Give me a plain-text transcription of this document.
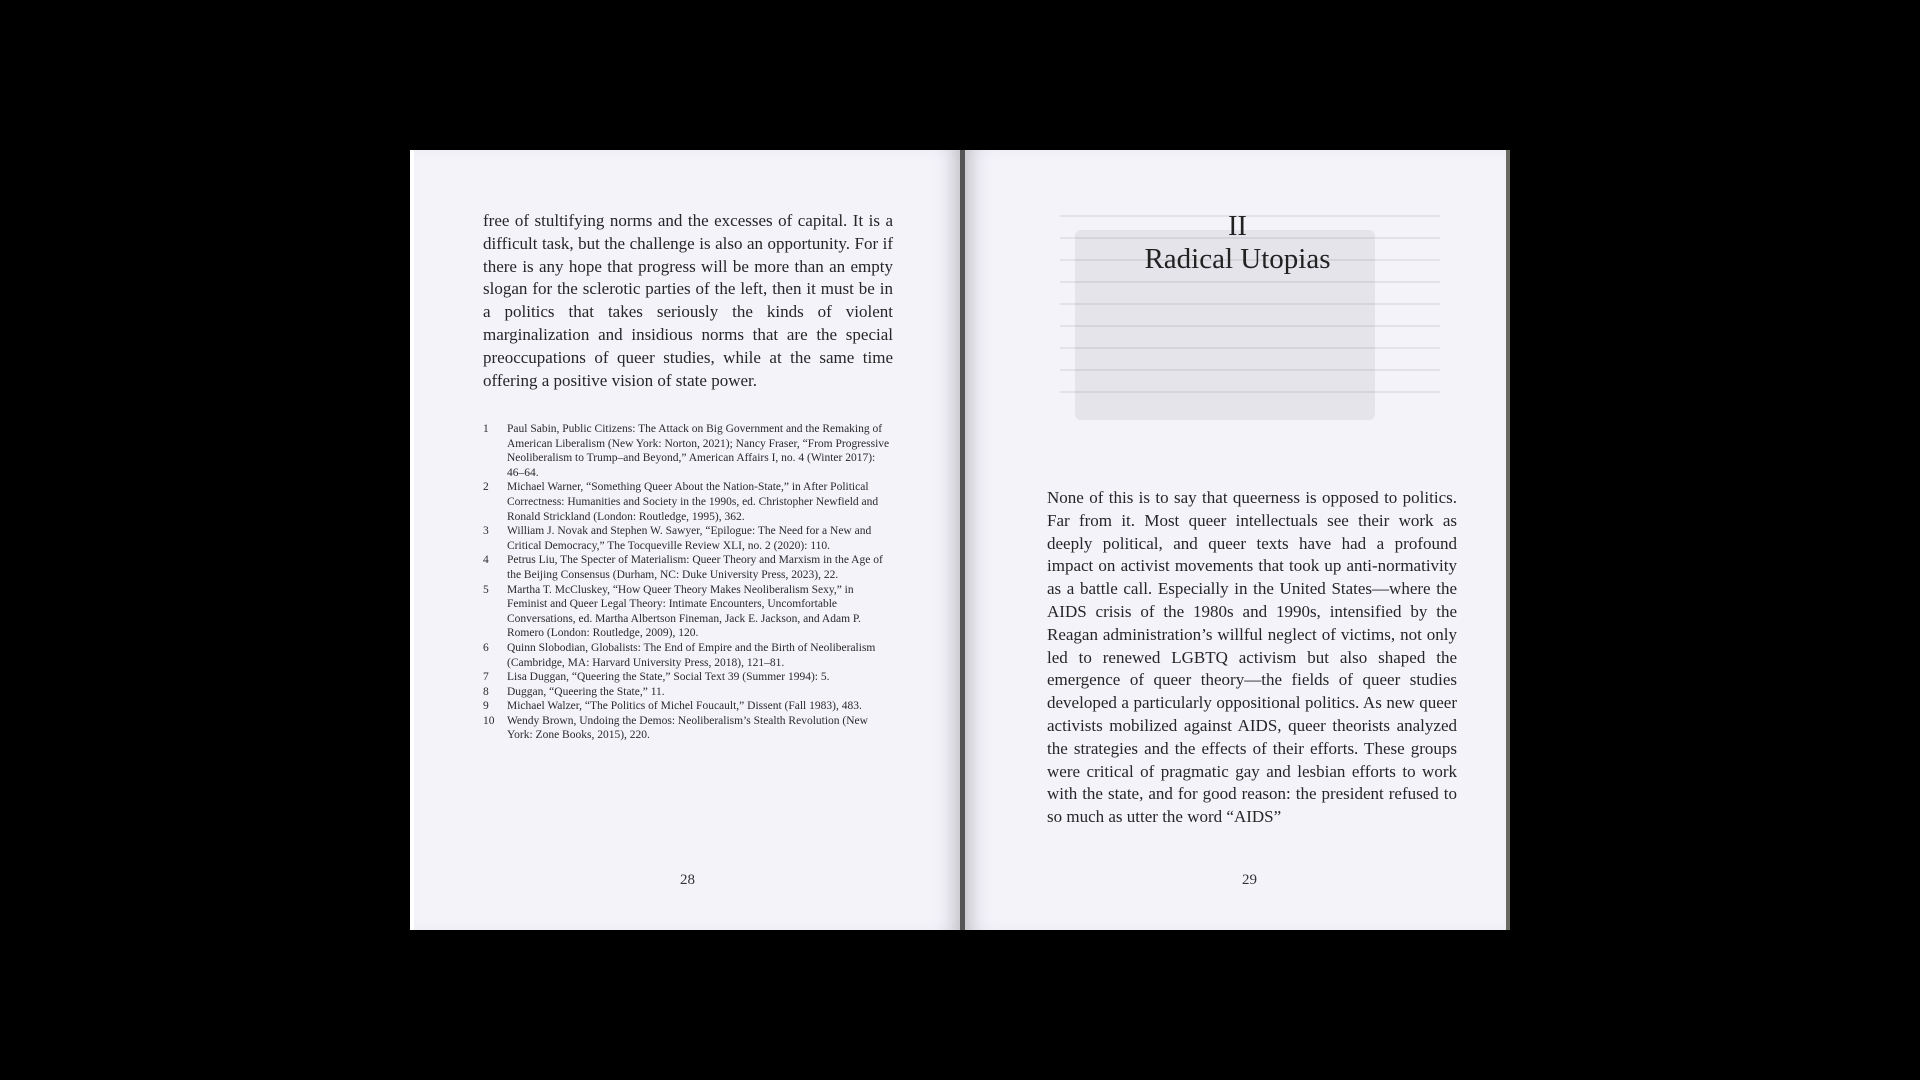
free of stultifying norms and the excesses of capital. It is a difficult task, but the challenge is also an opportunity. For if there is any hope that progress will be more than an empty slogan for the sclerotic parties of the left, then it must be in a politics that takes seriously the kinds of violent marginalization and insidious norms that are the special preoccupations of queer studies, while at the same time offering a positive vision of state power.

1	Paul Sabin, Public Citizens: The Attack on Big Government and the Remaking of American Liberalism (New York: Norton, 2021); Nancy Fraser, “From Progressive Neoliberalism to Trump–and Beyond,” American Affairs I, no. 4 (Winter 2017): 46–64.
2	Michael Warner, “Something Queer About the Nation-State,” in After Political Correctness: Humanities and Society in the 1990s, ed. Christopher Newfield and Ronald Strickland (London: Routledge, 1995), 362.
3	William J. Novak and Stephen W. Sawyer, “Epilogue: The Need for a New and Critical Democracy,” The Tocqueville Review XLI, no. 2 (2020): 110.
4	Petrus Liu, The Specter of Materialism: Queer Theory and Marxism in the Age of the Beijing Consensus (Durham, NC: Duke University Press, 2023), 22.
5	Martha T. McCluskey, “How Queer Theory Makes Neoliberalism Sexy,” in Feminist and Queer Legal Theory: Intimate Encounters, Uncomfortable Conversations, ed. Martha Albertson Fineman, Jack E. Jackson, and Adam P. Romero (London: Routledge, 2009), 120.
6	Quinn Slobodian, Globalists: The End of Empire and the Birth of Neoliberalism (Cambridge, MA: Harvard University Press, 2018), 121–81.
7	Lisa Duggan, “Queering the State,” Social Text 39 (Summer 1994): 5.
8	Duggan, “Queering the State,” 11.
9	Michael Walzer, “The Politics of Michel Foucault,” Dissent (Fall 1983), 483.
10	Wendy Brown, Undoing the Demos: Neoliberalism’s Stealth Revolution (New York: Zone Books, 2015), 220.
28
II
Radical Utopias

None of this is to say that queerness is opposed to politics. Far from it. Most queer intellectuals see their work as deeply political, and queer texts have had a profound impact on activist movements that took up anti-normativity as a battle call. Especially in the United States—where the AIDS crisis of the 1980s and 1990s, intensified by the Reagan administration’s willful neglect of victims, not only led to renewed LGBTQ activism but also shaped the emergence of queer theory—the fields of queer studies developed a particularly oppositional politics. As new queer activists mobilized against AIDS, queer theorists analyzed the strategies and the effects of their efforts. These groups were critical of pragmatic gay and lesbian efforts to work with the state, and for good reason: the president refused to so much as utter the word “AIDS”

29
